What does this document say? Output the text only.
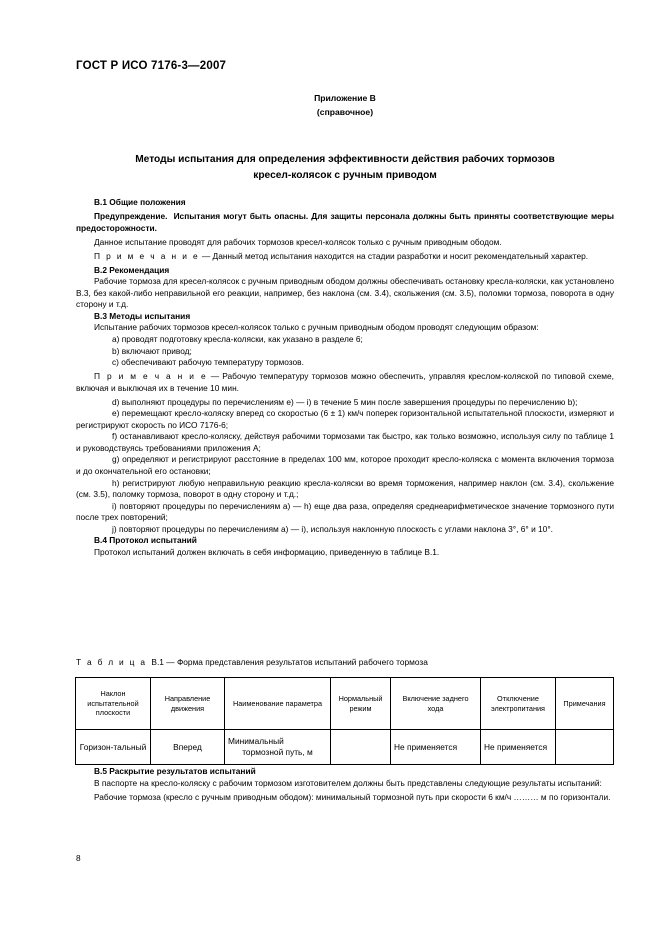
ГОСТ Р ИСО 7176-3—2007
Приложение В
(справочное)
Методы испытания для определения эффективности действия рабочих тормозов
кресел-колясок с ручным приводом

В.1 Общие положения

Предупреждение. Испытания могут быть опасны. Для защиты персонала должны быть приняты соответствующие меры предосторожности.

Данное испытание проводят для рабочих тормозов кресел-колясок только с ручным приводным ободом.

П р и м е ч а н и е — Данный метод испытания находится на стадии разработки и носит рекомендательный характер.

В.2 Рекомендация

Рабочие тормоза для кресел-колясок с ручным приводным ободом должны обеспечивать остановку кресла-коляски, как установлено В.3, без какой-либо неправильной его реакции, например, без наклона (см. 3.4), скольжения (см. 3.5), поломки тормоза, поворота в одну сторону и т.д.

В.3 Методы испытания

Испытание рабочих тормозов кресел-колясок только с ручным приводным ободом проводят следующим образом:

a) проводят подготовку кресла-коляски, как указано в разделе 6;

b) включают привод;

c) обеспечивают рабочую температуру тормозов.

П р и м е ч а н и е — Рабочую температуру тормозов можно обеспечить, управляя креслом-коляской по типовой схеме, включая и выключая их в течение 10 мин.

d) выполняют процедуры по перечислениям e) — i) в течение 5 мин после завершения процедуры по перечислению b);

e) перемещают кресло-коляску вперед со скоростью (6 ± 1) км/ч поперек горизонтальной испытательной плоскости, измеряют и регистрируют скорость по ИСО 7176-6;

f) останавливают кресло-коляску, действуя рабочими тормозами так быстро, как только возможно, используя силу по таблице 1 и руководствуясь требованиями приложения А;

g) определяют и регистрируют расстояние в пределах 100 мм, которое проходит кресло-коляска с момента включения тормоза и до окончательной его остановки;

h) регистрируют любую неправильную реакцию кресла-коляски во время торможения, например наклон (см. 3.4), скольжение (см. 3.5), поломку тормоза, поворот в одну сторону и т.д.;

i) повторяют процедуры по перечислениям a) — h) еще два раза, определяя среднеарифметическое значение тормозного пути после трех повторений;

j) повторяют процедуры по перечислениям a) — i), используя наклонную плоскость с углами наклона 3°, 6° и 10°.

В.4 Протокол испытаний

Протокол испытаний должен включать в себя информацию, приведенную в таблице В.1.

Т а б л и ц а В.1 — Форма представления результатов испытаний рабочего тормоза
Наклон испытательной плоскости	Направление движения	Наименование параметра	Нормальный режим	Включение заднего хода	Отключение электропитания	Примечания
Горизон-тальный	Вперед	Минимальный тормозной путь, м		Не применяется	Не применяется	

В.5 Раскрытие результатов испытаний

В паспорте на кресло-коляску с рабочим тормозом изготовителем должны быть представлены следующие результаты испытаний:

Рабочие тормоза (кресло с ручным приводным ободом): минимальный тормозной путь при скорости 6 км/ч ……… м по горизонтали.

8
